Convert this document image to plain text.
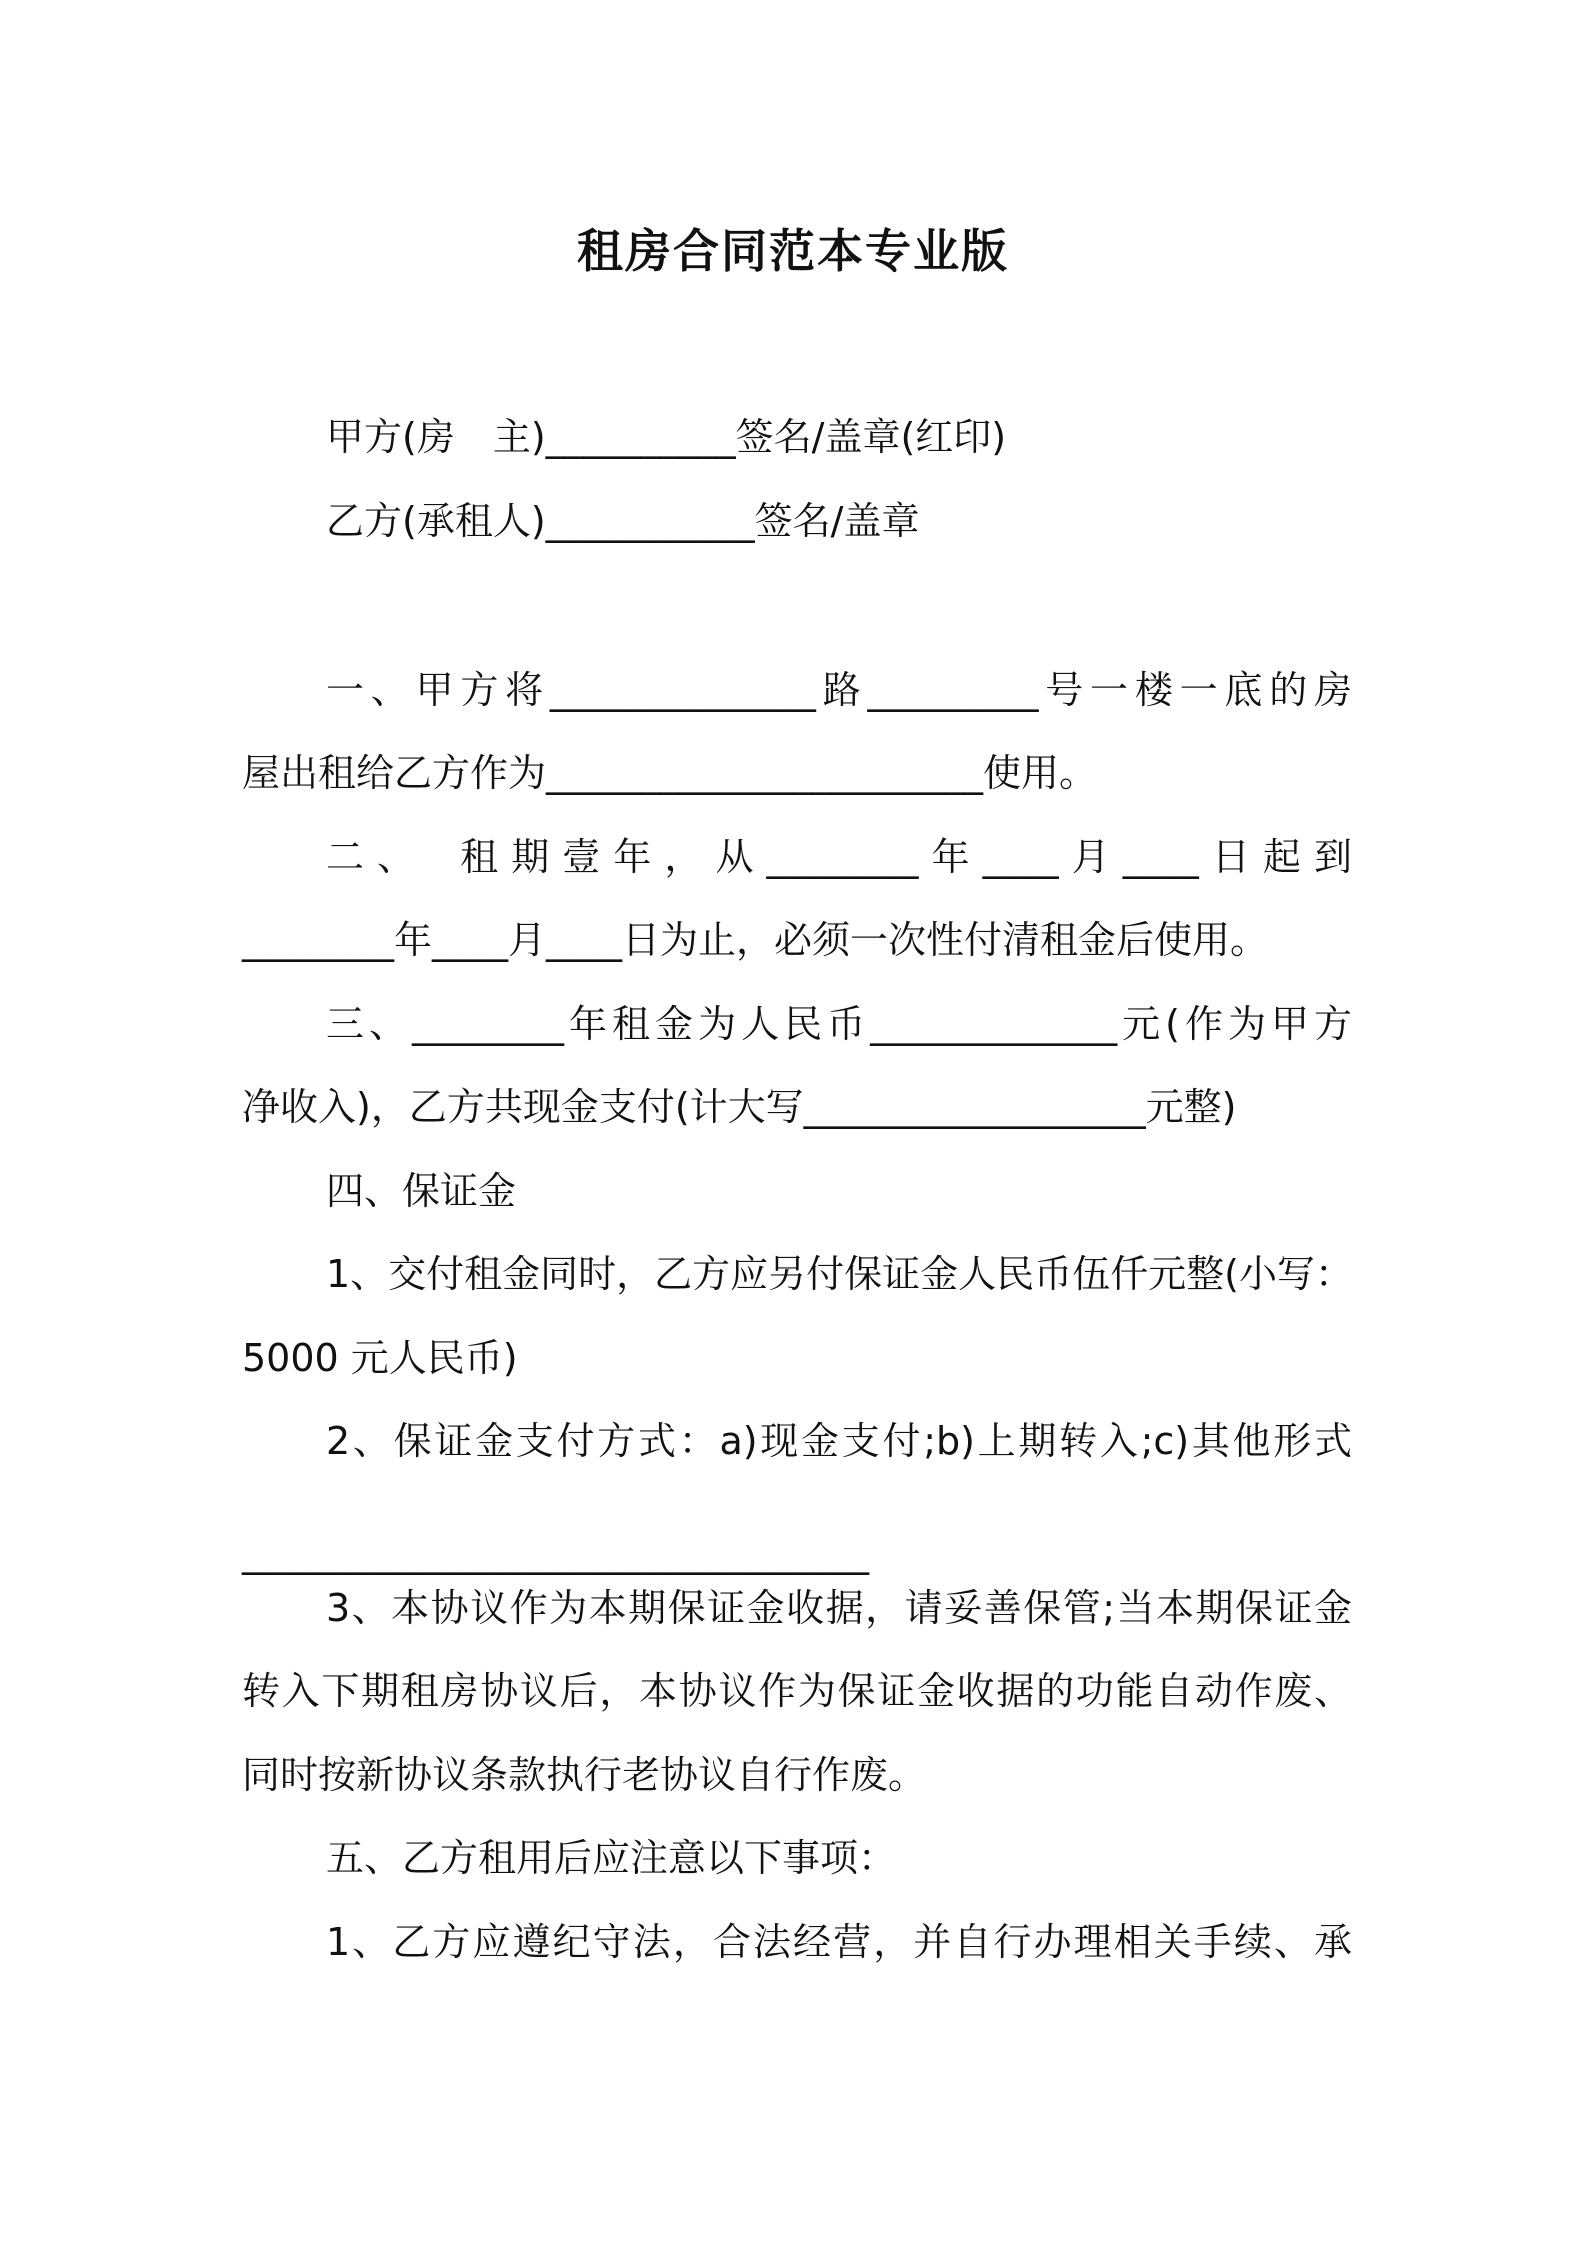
租房合同范本专业版
甲方(房　主)__________签名/盖章(红印)
乙方(承租人)___________签名/盖章
一、甲方将______________路_________号一楼一底的房
屋出租给乙方作为_______________________使用。
二、　租期壹年，从________年____月____日起到
________年____月____日为止，必须一次性付清租金后使用。
三、________年租金为人民币_____________元(作为甲方
净收入)，乙方共现金支付(计大写__________________元整)
四、保证金
1、交付租金同时，乙方应另付保证金人民币伍仟元整(小写：
5000 元人民币)
2、保证金支付方式：a)现金支付;b)上期转入;c)其他形式
_________________________________
3、本协议作为本期保证金收据，请妥善保管;当本期保证金
转入下期租房协议后，本协议作为保证金收据的功能自动作废、
同时按新协议条款执行老协议自行作废。
五、乙方租用后应注意以下事项：
1、乙方应遵纪守法，合法经营，并自行办理相关手续、承
